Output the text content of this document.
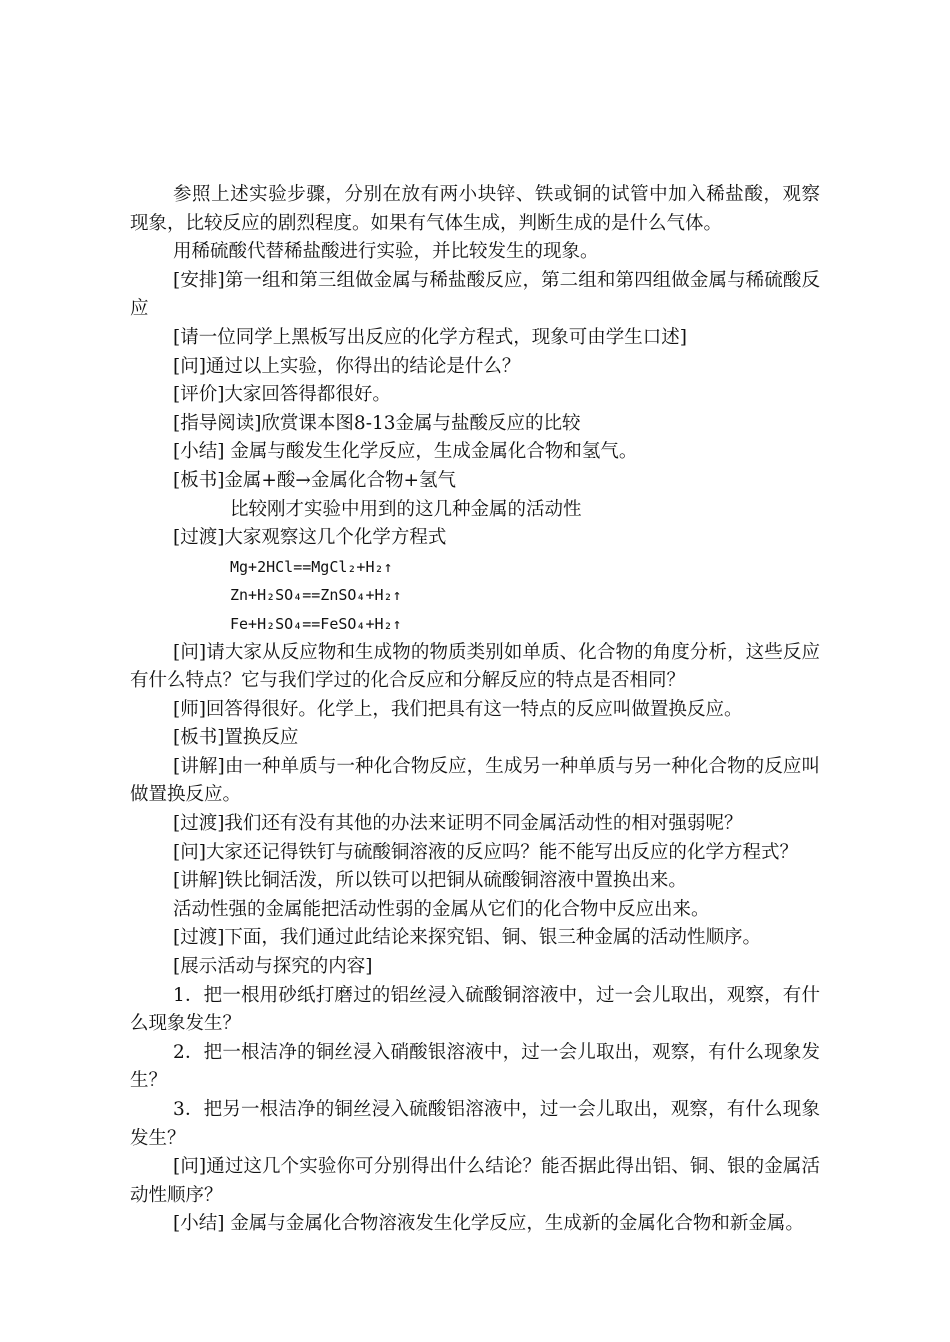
参照上述实验步骤，分别在放有两小块锌、铁或铜的试管中加入稀盐酸，观察现象，比较反应的剧烈程度。如果有气体生成，判断生成的是什么气体。

用稀硫酸代替稀盐酸进行实验，并比较发生的现象。

[安排]第一组和第三组做金属与稀盐酸反应，第二组和第四组做金属与稀硫酸反应

[请一位同学上黑板写出反应的化学方程式，现象可由学生口述]

[问]通过以上实验，你得出的结论是什么？

[评价]大家回答得都很好。

[指导阅读]欣赏课本图8-13金属与盐酸反应的比较

[小结] 金属与酸发生化学反应，生成金属化合物和氢气。

[板书]金属+酸→金属化合物+氢气

比较刚才实验中用到的这几种金属的活动性

[过渡]大家观察这几个化学方程式

Mg+2HCl==MgCl₂+H₂↑

Zn+H₂SO₄==ZnSO₄+H₂↑

Fe+H₂SO₄==FeSO₄+H₂↑

[问]请大家从反应物和生成物的物质类别如单质、化合物的角度分析，这些反应有什么特点？它与我们学过的化合反应和分解反应的特点是否相同？

[师]回答得很好。化学上，我们把具有这一特点的反应叫做置换反应。

[板书]置换反应

[讲解]由一种单质与一种化合物反应，生成另一种单质与另一种化合物的反应叫做置换反应。

[过渡]我们还有没有其他的办法来证明不同金属活动性的相对强弱呢？

[问]大家还记得铁钉与硫酸铜溶液的反应吗？能不能写出反应的化学方程式？

[讲解]铁比铜活泼，所以铁可以把铜从硫酸铜溶液中置换出来。

活动性强的金属能把活动性弱的金属从它们的化合物中反应出来。

[过渡]下面，我们通过此结论来探究铝、铜、银三种金属的活动性顺序。

[展示活动与探究的内容]

1．把一根用砂纸打磨过的铝丝浸入硫酸铜溶液中，过一会儿取出，观察，有什么现象发生？

2．把一根洁净的铜丝浸入硝酸银溶液中，过一会儿取出，观察，有什么现象发生？

3．把另一根洁净的铜丝浸入硫酸铝溶液中，过一会儿取出，观察，有什么现象发生？

[问]通过这几个实验你可分别得出什么结论？能否据此得出铝、铜、银的金属活动性顺序？

[小结] 金属与金属化合物溶液发生化学反应，生成新的金属化合物和新金属。
